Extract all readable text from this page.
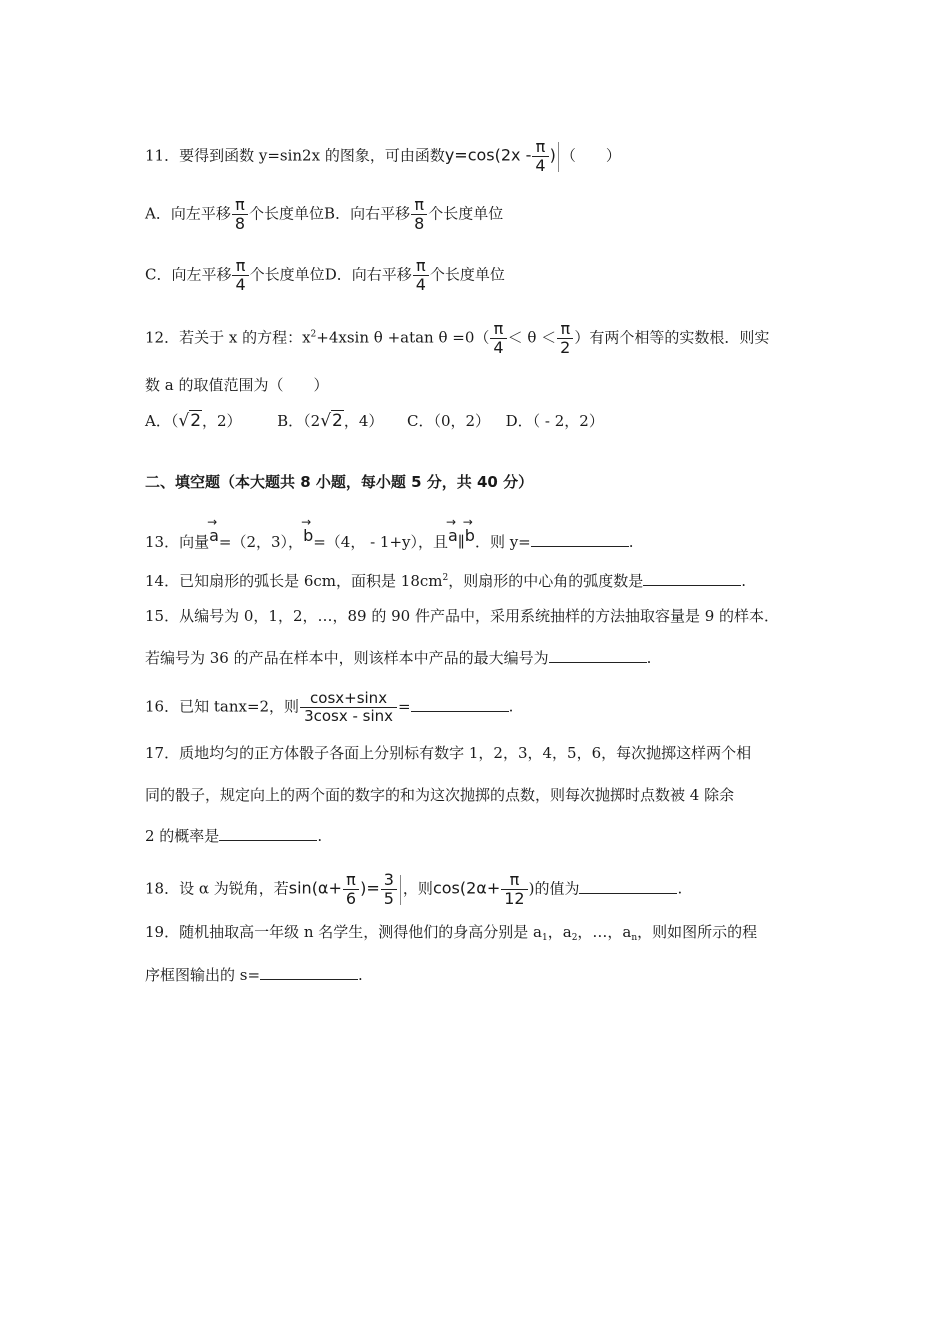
11．要得到函数 y=sin2x 的图象，可由函数$y=\cos(2x - \frac{\pi}{4}$ ) （　　）
A．向左平移 $\frac{\pi}{8}$ 个长度单位B．向右平移 $\frac{\pi}{8}$ 个长度单位
C．向左平移 $\frac{\pi}{4}$ 个长度单位D．向右平移 $\frac{\pi}{4}$ 个长度单位
12．若关于 x 的方程：$x^2+4xsin$ θ +atan $\theta =0( \frac{\pi}{4} < \theta < \frac{\pi}{2}$ ）有两个相等的实数根．则实
数 a 的取值范围为（　　）
A．（√2，2） B．（2√2，4） C．（0，2） D．（ - 2，2）
二、填空题（本大题共 8 小题，每小题 5 分，共 40 分）
13．向量→ a=（2，3），→ b=（4， - 1+y），且→ a∥→ b．则 y=	.
14．已知扇形的弧长是 6cm，面积是 $18cm^2$，则扇形的中心角的弧度数是	.
15．从编号为 0，1，2，…，89 的 90 件产品中，采用系统抽样的方法抽取容量是 9 的样本．
若编号为 36 的产品在样本中，则该样本中产品的最大编号为	.
16．已知 tanx=2，则 $\frac{\cos x+\sin x}{3\cos x - \sin x}$ =	.
17．质地均匀的正方体骰子各面上分别标有数字 1，2，3，4，5，6，每次抛掷这样两个相
同的骰子，规定向上的两个面的数字的和为这次抛掷的点数，则每次抛掷时点数被 4 除余
2 的概率是	.
18．设 α 为锐角，若$\sin(\alpha+ \frac{\pi}{6}$ )= $\frac{3}{5}$ ，则$\cos(2\alpha+ \frac{\pi}{12}$ )的值为	.
19．随机抽取高一年级 n 名学生，测得他们的身高分别是 $a_1$，$a_2$，…，$a_n$，则如图所示的程
序框图输出的 s=	.
